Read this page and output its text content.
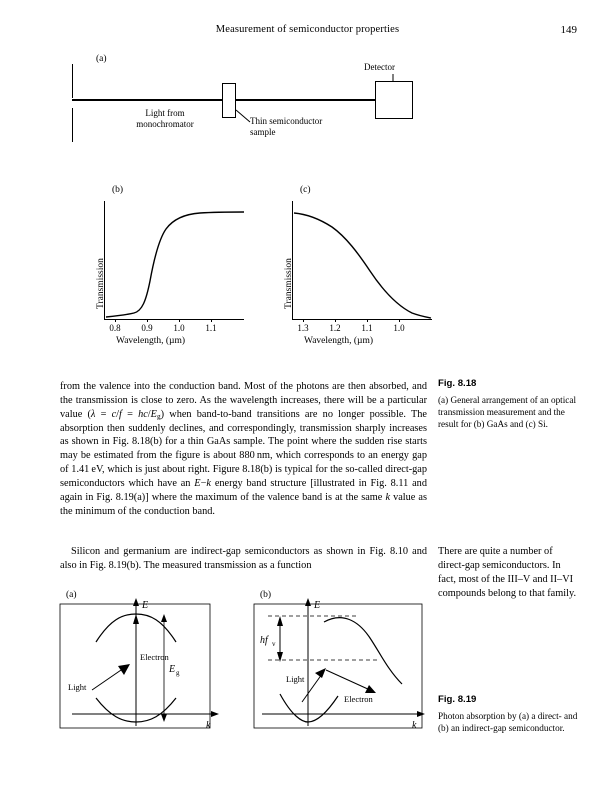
Measurement of semiconductor properties	149
(a)
Detector
Light from
monochromator	Thin semiconductor
sample
(b)
Transmission
0.8 0.9 1.0 1.1
Wavelength, (µm)
(c)
Transmission
1.3 1.2 1.1 1.0
Wavelength, (µm)
Fig. 8.18
(a) General arrangement of an optical transmission measurement and the result for (b) GaAs and (c) Si.

from the valence into the conduction band. Most of the photons are then absorbed, and the transmission is close to zero. As the wavelength increases, there will be a particular value $(\lambda = c/f = hc/E_g)$ when band-to-band transitions are no longer possible. The absorption then suddenly declines, and correspondingly, transmission sharply increases as shown in Fig. 8.18(b) for a thin GaAs sample. The point where the sudden rise starts may be estimated from the figure is about 880 nm, which corresponds to an energy gap of 1.41 eV, which is just about right. Figure 8.18(b) is typical for the so-called direct-gap semiconductors which have an E−k energy band structure [illustrated in Fig. 8.11 and again in Fig. 8.19(a)] where the maximum of the valence band is at the same k value as the minimum of the conduction band.

Silicon and germanium are indirect-gap semiconductors as shown in Fig. 8.10 and also in Fig. 8.19(b). The measured transmission as a function

There are quite a number of direct-gap semiconductors. In fact, most of the III–V and II–VI compounds belong to that family.

(a)
E
k
Electron
Light
E g
(b)
E
k
hf v
Light
Electron	Fig. 8.19
Photon absorption by (a) a direct- and (b) an indirect-gap semiconductor.
